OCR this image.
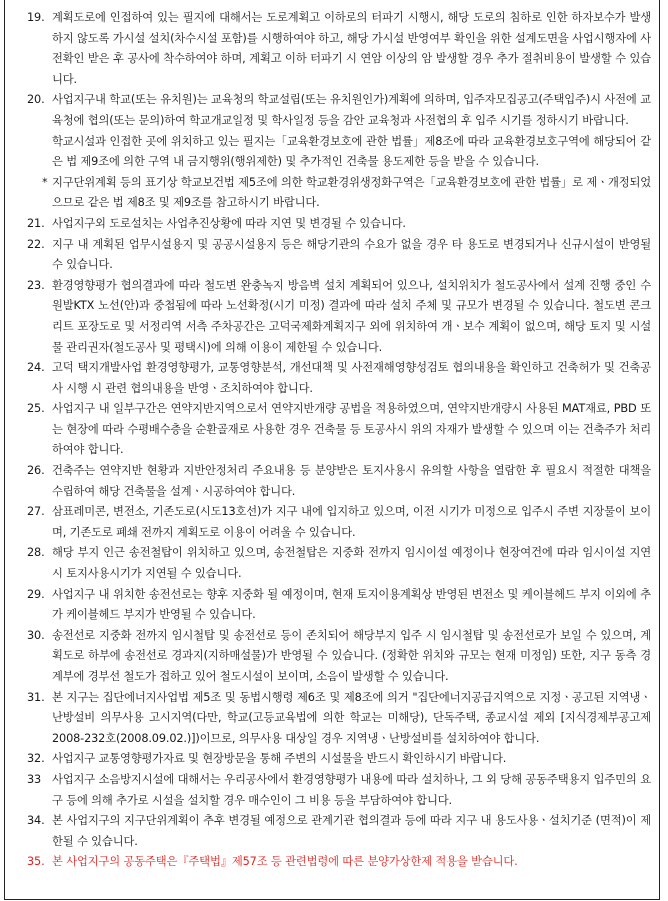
19. 계획도로에 인접하여 있는 필지에 대해서는 도로계획고 이하로의 터파기 시행시, 해당 도로의 침하로 인한 하자보수가 발생하지 않도록 가시설 설치(차수시설 포함)를 시행하여야 하고, 해당 가시설 반영여부 확인을 위한 설계도면을 사업시행자에 사전확인 받은 후 공사에 착수하여야 하며, 계획고 이하 터파기 시 연암 이상의 암 발생할 경우 추가 절취비용이 발생할 수 있습니다.
20. 사업지구내 학교(또는 유치원)는 교육청의 학교설립(또는 유치원인가)계획에 의하며, 입주자모집공고(주택입주)시 사전에 교육청에 협의(또는 문의)하여 학교개교일정 및 학사일정 등을 감안 교육청과 사전협의 후 입주 시기를 정하시기 바랍니다.
학교시설과 인접한 곳에 위치하고 있는 필지는「교육환경보호에 관한 법률」제8조에 따라 교육환경보호구역에 해당되어 같은 법 제9조에 의한 구역 내 금지행위(행위제한) 및 추가적인 건축물 용도제한 등을 받을 수 있습니다.
* 지구단위계획 등의 표기상 학교보건법 제5조에 의한 학교환경위생정화구역은「교육환경보호에 관한 법률」로 제ㆍ개정되었으므로 같은 법 제8조 및 제9조를 참고하시기 바랍니다.
21. 사업지구외 도로설치는 사업추진상황에 따라 지연 및 변경될 수 있습니다.
22. 지구 내 계획된 업무시설용지 및 공공시설용지 등은 해당기관의 수요가 없을 경우 타 용도로 변경되거나 신규시설이 반영될 수 있습니다.
23. 환경영향평가 협의결과에 따라 철도변 완충녹지 방음벽 설치 계획되어 있으나, 설치위치가 철도공사에서 설계 진행 중인 수원발KTX 노선(안)과 중첩됨에 따라 노선확정(시기 미정) 결과에 따라 설치 주체 및 규모가 변경될 수 있습니다. 철도변 콘크리트 포장도로 및 서정리역 서측 주차공간은 고덕국제화계획지구 외에 위치하여 개ㆍ보수 계획이 없으며, 해당 토지 및 시설물 관리권자(철도공사 및 평택시)에 의해 이용이 제한될 수 있습니다.
24. 고덕 택지개발사업 환경영향평가, 교통영향분석, 개선대책 및 사전재해영향성검토 협의내용을 확인하고 건축허가 및 건축공사 시행 시 관련 협의내용을 반영ㆍ조치하여야 합니다.
25. 사업지구 내 일부구간은 연약지반지역으로서 연약지반개량 공법을 적용하였으며, 연약지반개량시 사용된 MAT재료, PBD 또는 현장에 따라 수평배수층을 순환골재로 사용한 경우 건축물 등 토공사시 위의 자재가 발생할 수 있으며 이는 건축주가 처리하여야 합니다.
26. 건축주는 연약지반 현황과 지반안정처리 주요내용 등 분양받은 토지사용시 유의할 사항을 열람한 후 필요시 적절한 대책을 수립하여 해당 건축물을 설계ㆍ시공하여야 합니다.
27. 삼표레미콘, 변전소, 기존도로(시도13호선)가 지구 내에 입지하고 있으며, 이전 시기가 미정으로 입주시 주변 지장물이 보이며, 기존도로 폐쇄 전까지 계획도로 이용이 어려울 수 있습니다.
28. 해당 부지 인근 송전철탑이 위치하고 있으며, 송전철탑은 지중화 전까지 임시이설 예정이나 현장여건에 따라 임시이설 지연시 토지사용시기가 지연될 수 있습니다.
29. 사업지구 내 위치한 송전선로는 향후 지중화 될 예정이며, 현재 토지이용계획상 반영된 변전소 및 케이블헤드 부지 이외에 추가 케이블헤드 부지가 반영될 수 있습니다.
30. 송전선로 지중화 전까지 임시철탑 및 송전선로 등이 존치되어 해당부지 입주 시 임시철탑 및 송전선로가 보일 수 있으며, 계획도로 하부에 송전선로 경과지(지하매설물)가 반영될 수 있습니다. (정확한 위치와 규모는 현재 미정임) 또한, 지구 동측 경계부에 경부선 철도가 접하고 있어 철도시설이 보이며, 소음이 발생할 수 있습니다.
31. 본 지구는 집단에너지사업법 제5조 및 동법시행령 제6조 및 제8조에 의거 "집단에너지공급지역으로 지정ㆍ공고된 지역냉ㆍ난방설비 의무사용 고시지역(다만, 학교(고등교육법에 의한 학교는 미해당), 단독주택, 종교시설 제외 [지식경제부공고제2008-232호(2008.09.02.)])이므로, 의무사용 대상일 경우 지역냉ㆍ난방설비를 설치하여야 합니다.
32. 사업지구 교통영향평가자료 및 현장방문을 통해 주변의 시설물을 반드시 확인하시기 바랍니다.
33 사업지구 소음방지시설에 대해서는 우리공사에서 환경영향평가 내용에 따라 설치하나, 그 외 당해 공동주택용지 입주민의 요구 등에 의해 추가로 시설을 설치할 경우 매수인이 그 비용 등을 부담하여야 합니다.
34. 본 사업지구의 지구단위계획이 추후 변경될 예정으로 관계기관 협의결과 등에 따라 지구 내 용도사용ㆍ설치기준 (면적)이 제한될 수 있습니다.
35. 본 사업지구의 공동주택은『주택법』제57조 등 관련법령에 따른 분양가상한제 적용을 받습니다.
